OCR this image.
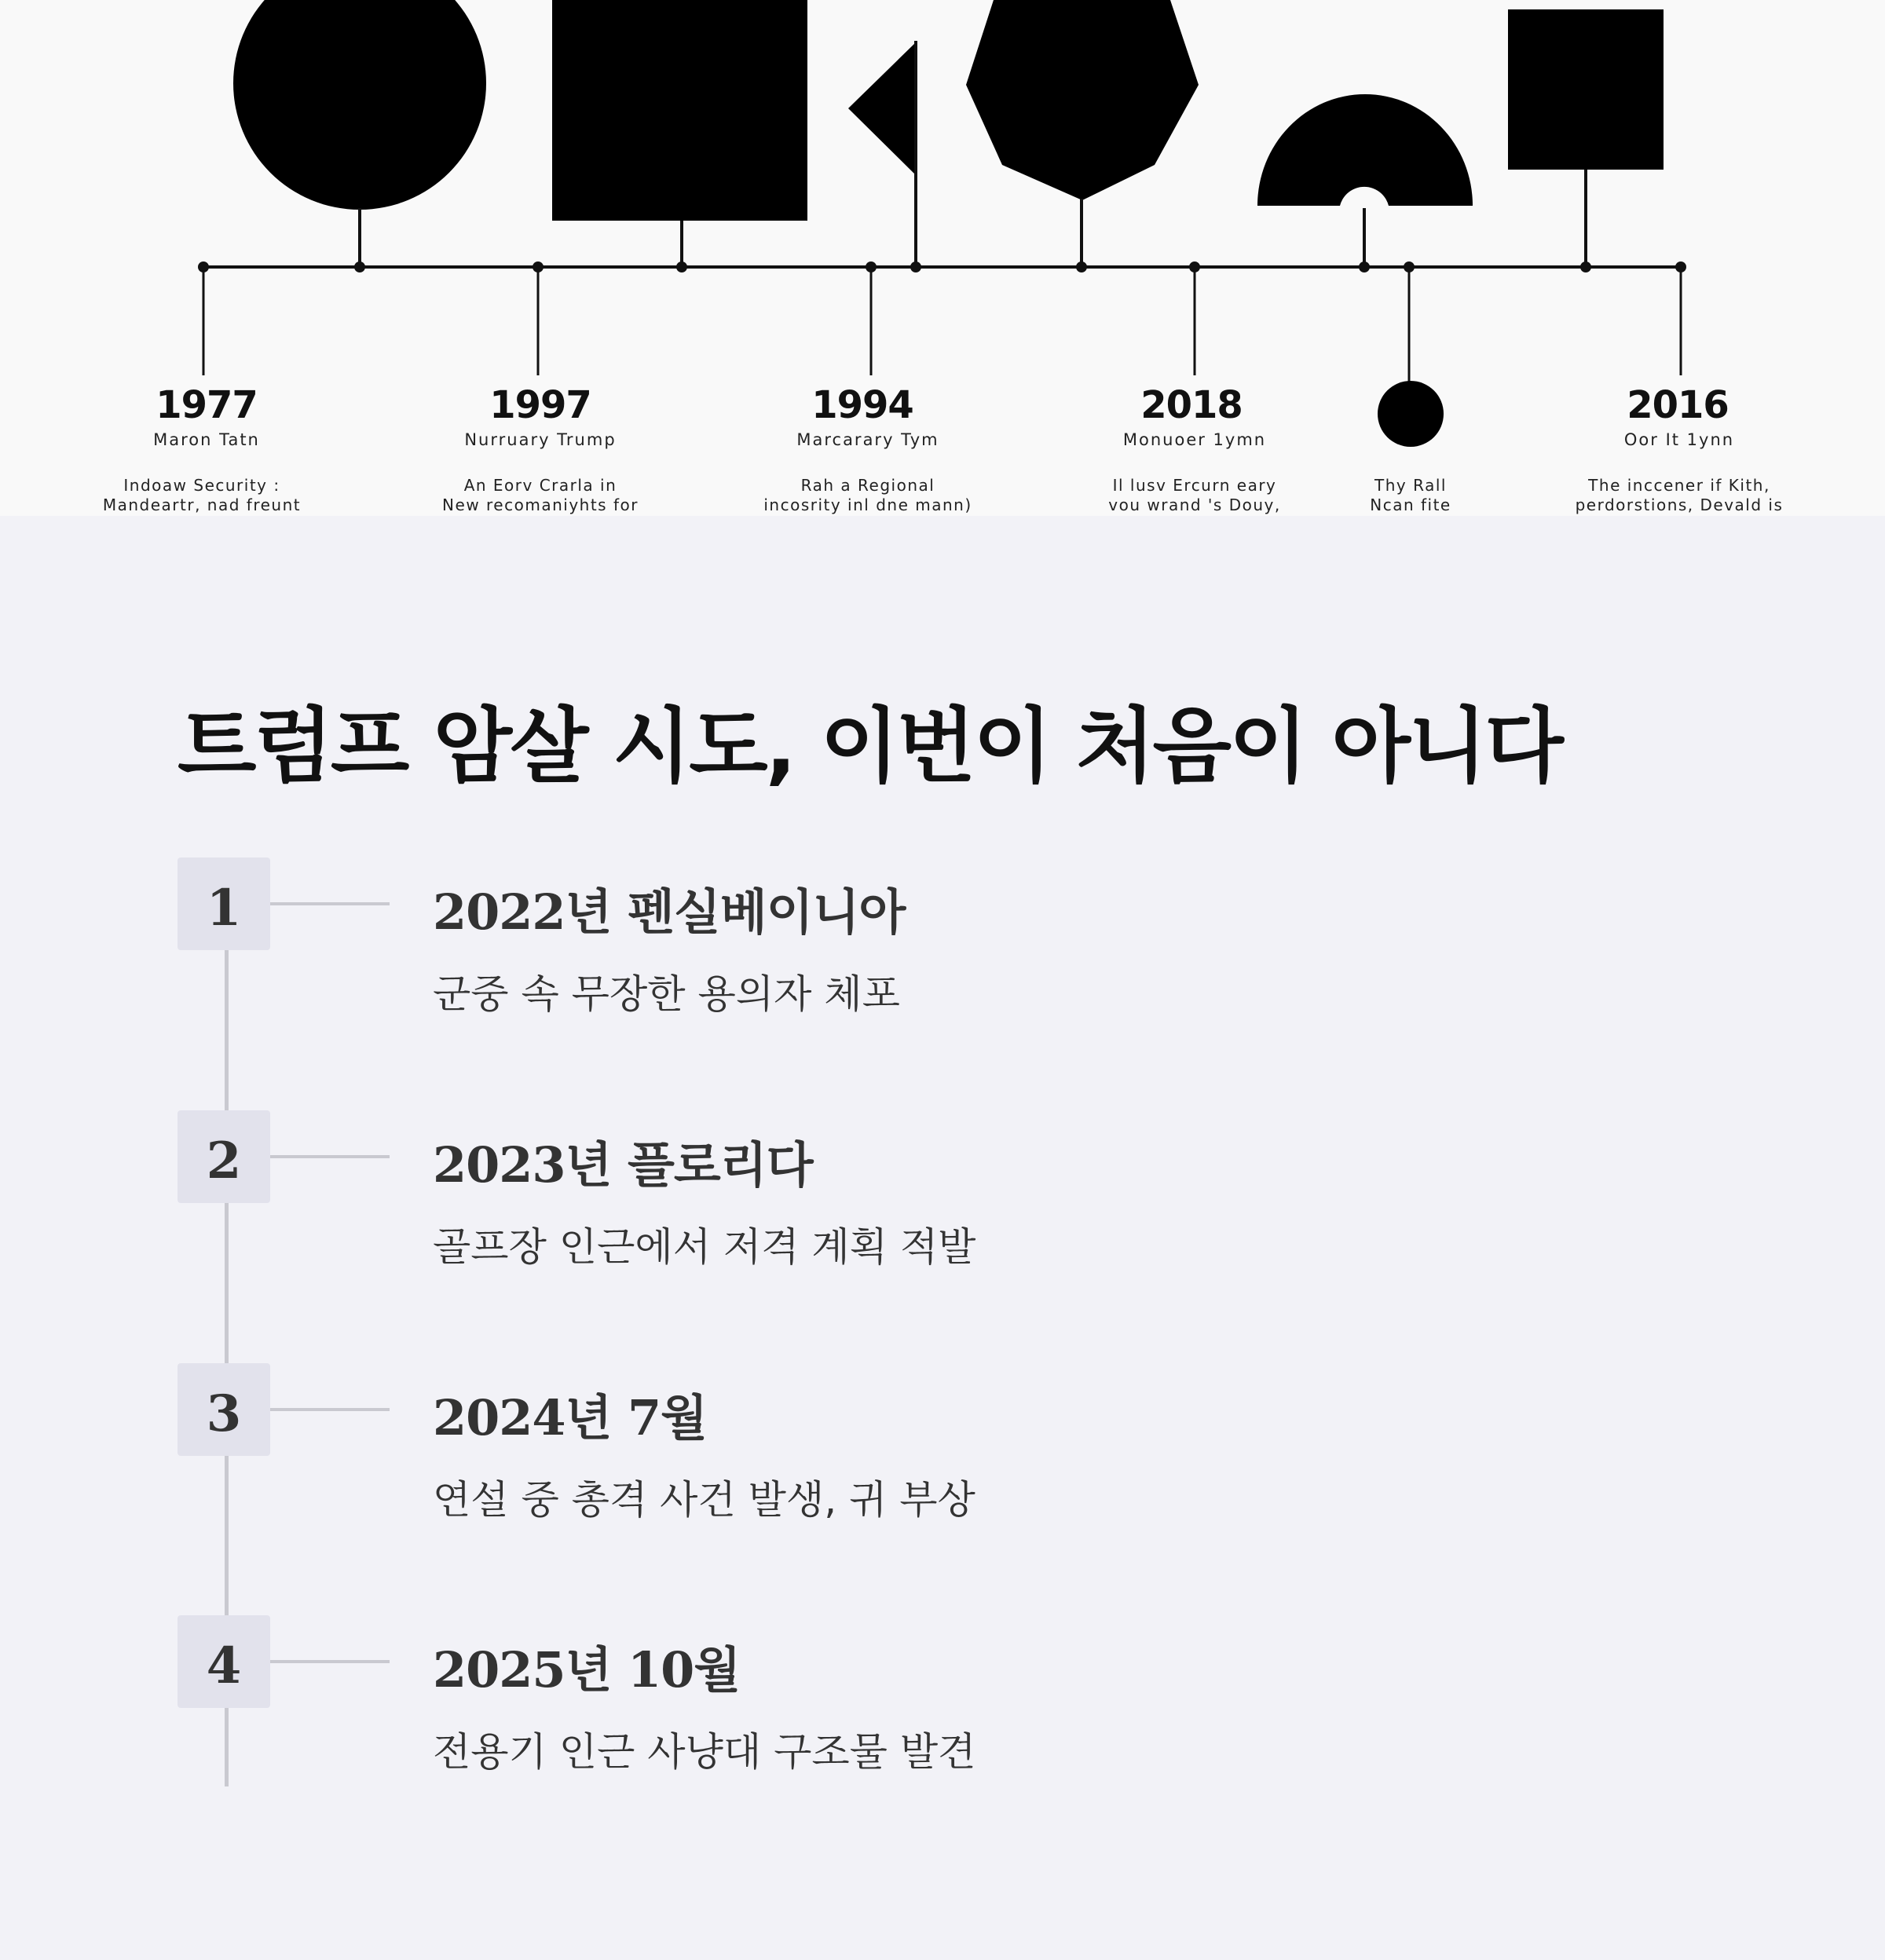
1977
Maron Tatn
Indoaw Security :
Mandeartr, nad freunt
1997
Nurruary Trump
An Eorv Crarla in
New recomaniyhts for
1994
Marcarary Tym
Rah a Regional
incosrity inl dne mann)
2018
Monuoer 1ymn
Il lusv Ercurn eary
vou wrand 's Douy,
Thy Rall
Ncan fite
2016
Oor It 1ynn
The inccener if Kith,
perdorstions, Devald is
트럼프 암살 시도, 이번이 처음이 아니다
1	2022년 펜실베이니아
군중 속 무장한 용의자 체포
2	2023년 플로리다
골프장 인근에서 저격 계획 적발
3	2024년 7월
연설 중 총격 사건 발생, 귀 부상
4	2025년 10월
전용기 인근 사냥대 구조물 발견
